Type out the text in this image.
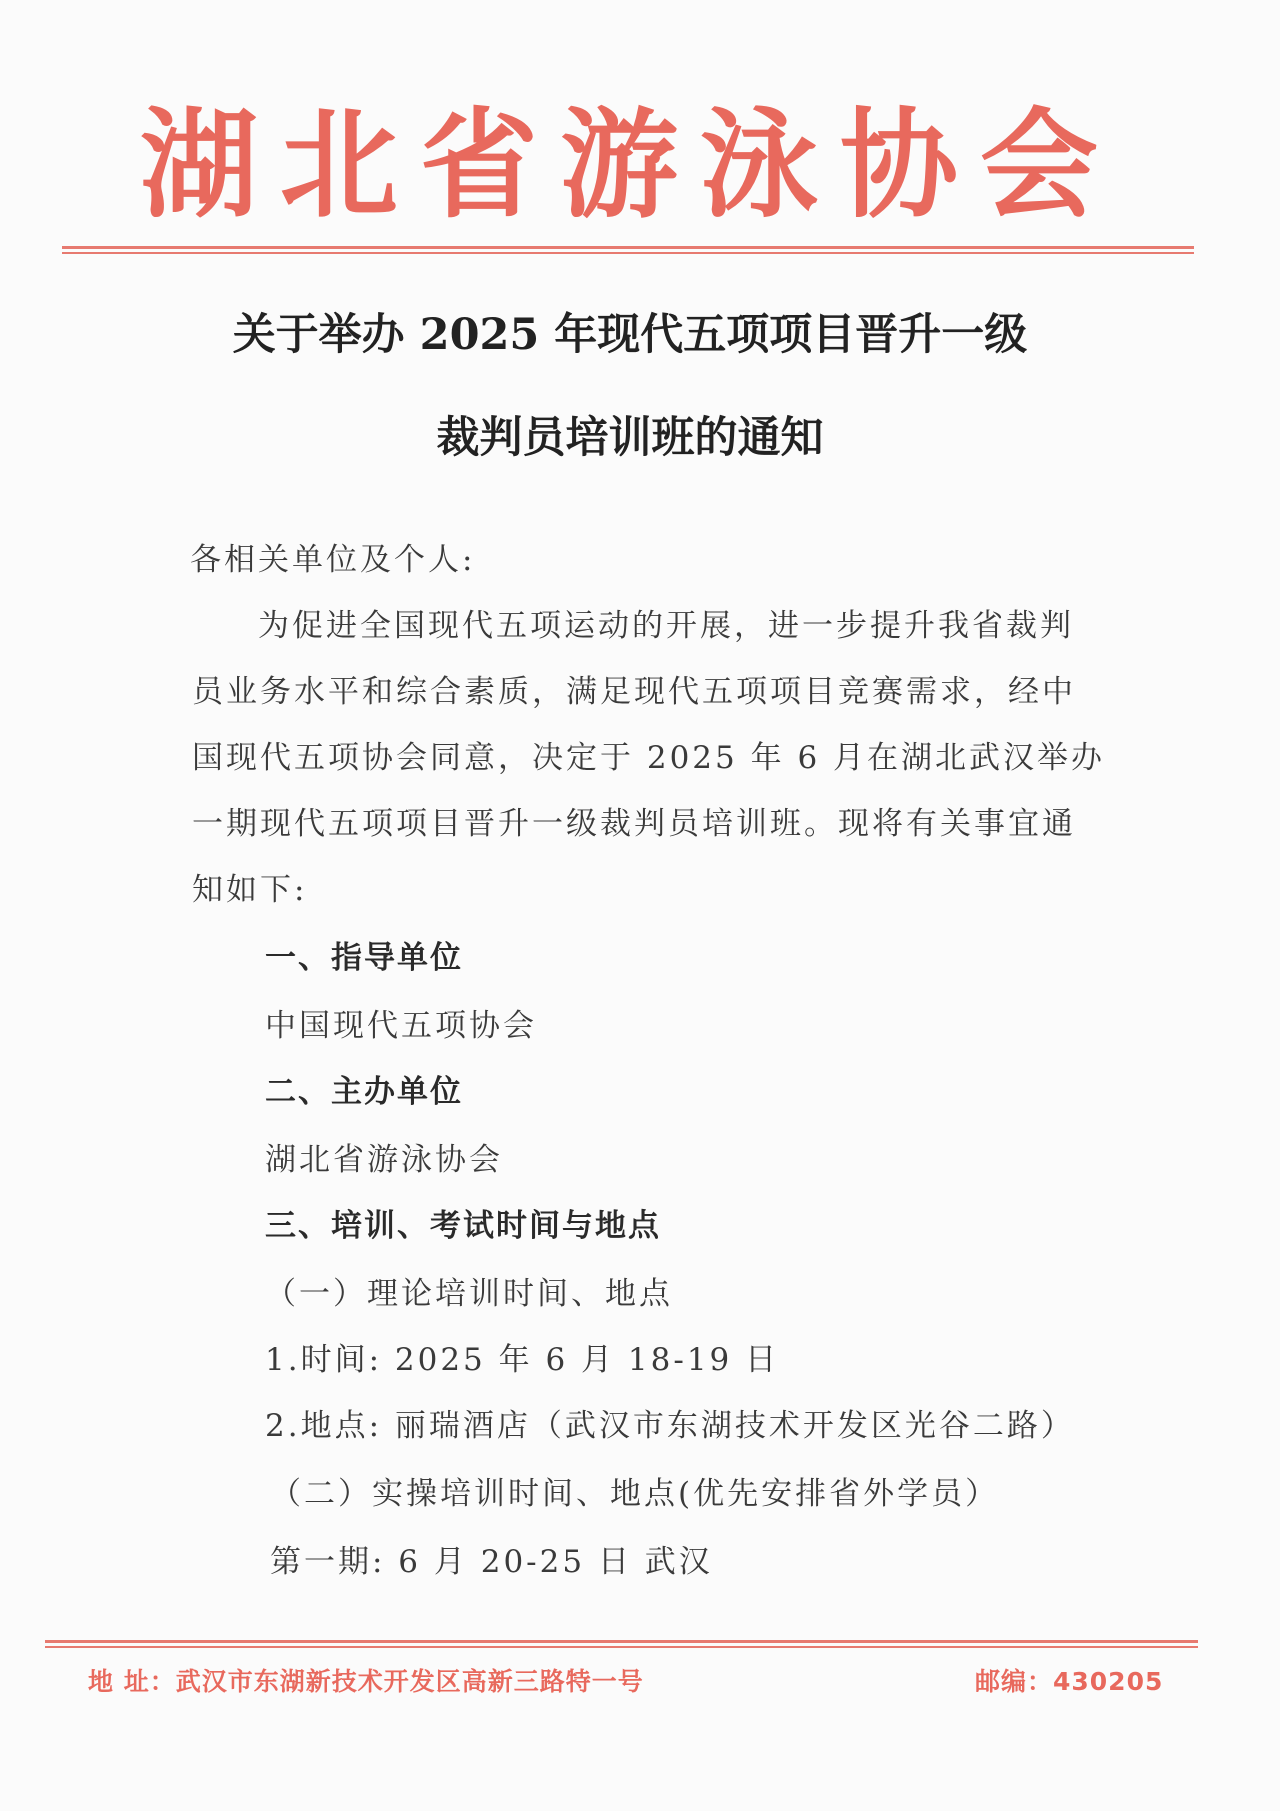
湖北省游泳协会
关于举办 2025 年现代五项项目晋升一级
裁判员培训班的通知
各相关单位及个人:
为促进全国现代五项运动的开展，进一步提升我省裁判
员业务水平和综合素质，满足现代五项项目竞赛需求，经中
国现代五项协会同意，决定于 2025 年 6 月在湖北武汉举办
一期现代五项项目晋升一级裁判员培训班。现将有关事宜通
知如下:
一、指导单位
中国现代五项协会
二、主办单位
湖北省游泳协会
三、培训、考试时间与地点
（一）理论培训时间、地点
1.时间: 2025 年 6 月 18-19 日
2.地点: 丽瑞酒店（武汉市东湖技术开发区光谷二路）
（二）实操培训时间、地点(优先安排省外学员）
第一期: 6 月 20-25 日 武汉
地 址：武汉市东湖新技术开发区高新三路特一号	邮编：430205
